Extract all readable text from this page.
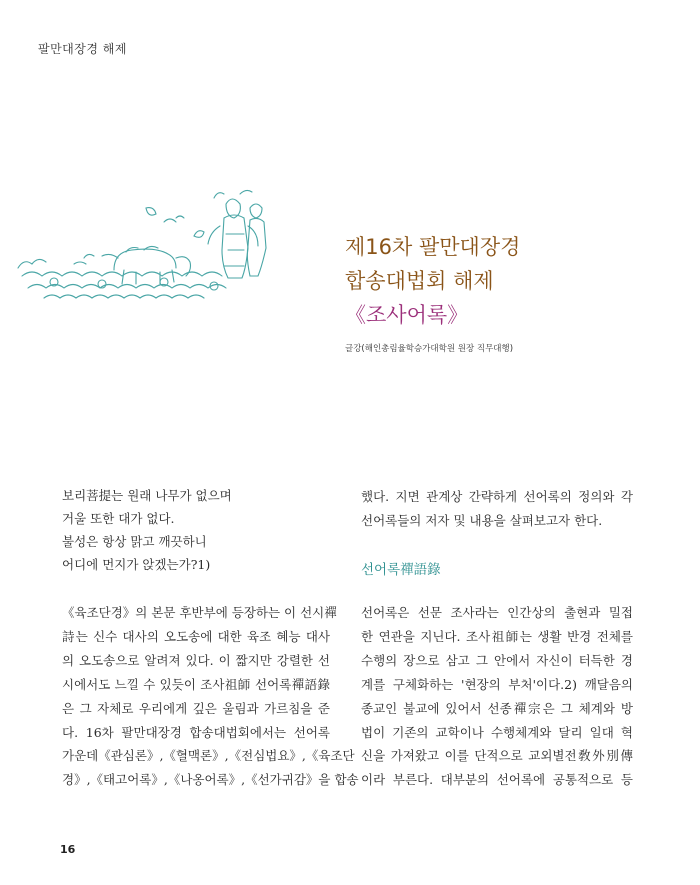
팔만대장경 해제
제16차 팔만대장경
합송대법회 해제
《조사어록》
글강(해인총림율학승가대학원 원장 직무대행)
보리菩提는 원래 나무가 없으며
거울 또한 대가 없다.
불성은 항상 맑고 깨끗하니
어디에 먼지가 앉겠는가?1)
《육조단경》의 본문 후반부에 등장하는 이 선시禪
詩는 신수 대사의 오도송에 대한 육조 혜능 대사
의 오도송으로 알려져 있다. 이 짧지만 강렬한 선
시에서도 느낄 수 있듯이 조사祖師 선어록禪語錄
은 그 자체로 우리에게 깊은 울림과 가르침을 준
다. 16차 팔만대장경 합송대법회에서는 선어록
가운데《관심론》,《혈맥론》,《전심법요》,《육조단
경》,《태고어록》,《나옹어록》,《선가귀감》을 합송
했다. 지면 관계상 간략하게 선어록의 정의와 각
선어록들의 저자 및 내용을 살펴보고자 한다.
선어록禪語錄
선어록은 선문 조사라는 인간상의 출현과 밀접
한 연관을 지닌다. 조사祖師는 생활 반경 전체를
수행의 장으로 삼고 그 안에서 자신이 터득한 경
계를 구체화하는 '현장의 부처'이다.2) 깨달음의
종교인 불교에 있어서 선종禪宗은 그 체계와 방
법이 기존의 교학이나 수행체계와 달리 일대 혁
신을 가져왔고 이를 단적으로 교외별전敎外別傳
이라 부른다. 대부분의 선어록에 공통적으로 등
16
